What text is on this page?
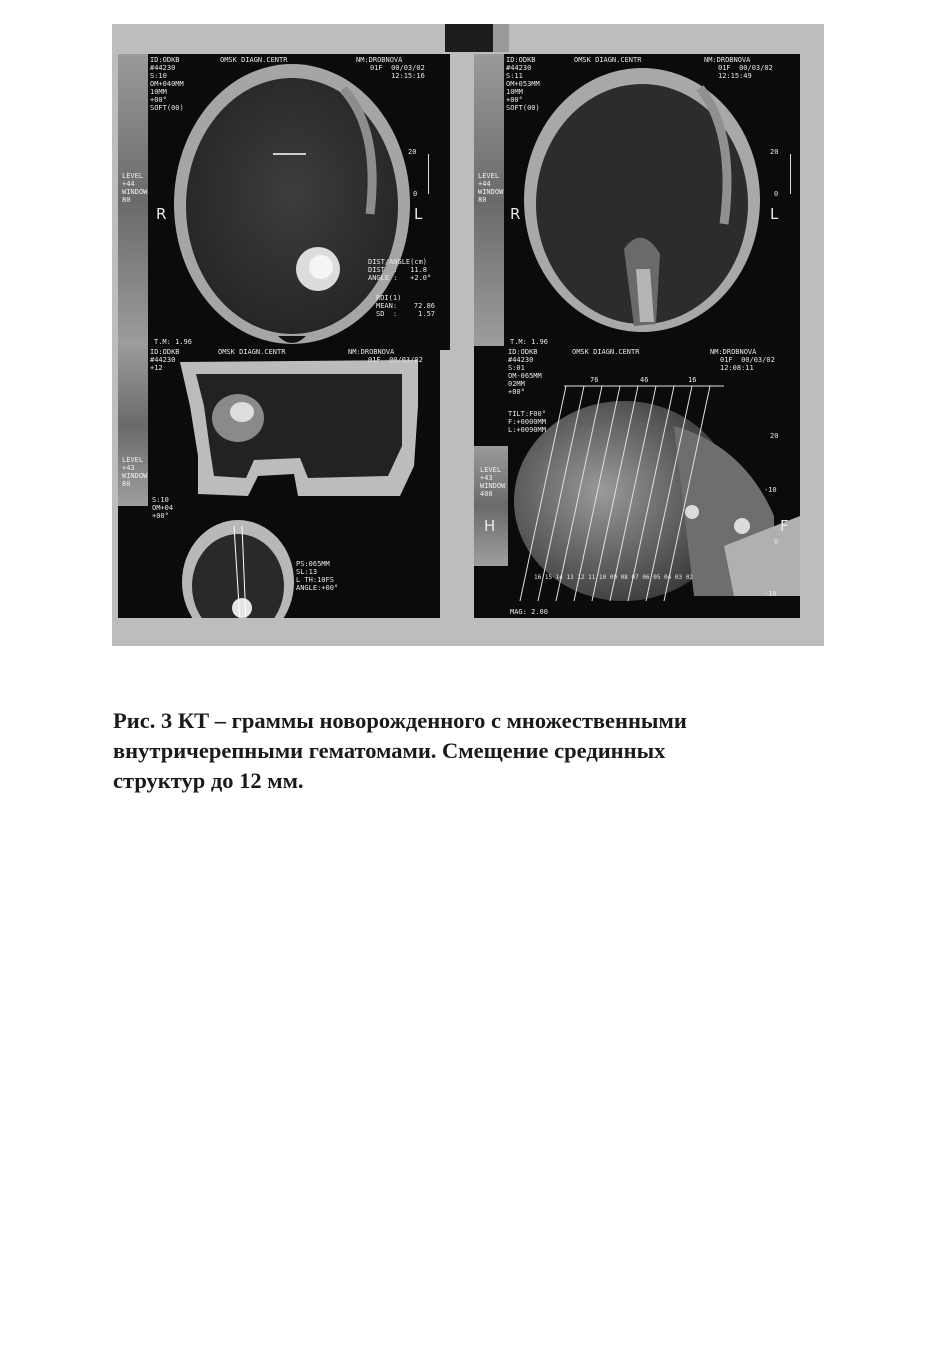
ID:ODKB
#44230
S:10
OM+040MM
10MM
+00°
SOFT(00)
OMSK DIAGN.CENTR	NM:DROBNOVA
01F  00/03/02
12:15:16
LEVEL
+44
WINDOW
80
20
0
R	L
DIST/ANGLE(cm)
DIST  :   11.8
ANGLE :   +2.0°
ROI(1)
MEAN:    72.86
SD  :     1.57
T.M: 1.96
ID:ODKB
#44230
S:11
OM+053MM
10MM
+00°
SOFT(00)
OMSK DIAGN.CENTR	NM:DROBNOVA
01F  00/03/02
12:15:49
LEVEL
+44
WINDOW
80
20
0
R	L
T.M: 1.96
ID:ODKB
#44230
+12
OMSK DIAGN.CENTR	NM:DROBNOVA
01F  00/03/02
LEVEL
+43
WINDOW
80
S:10
OM+04
+00°
PS:065MM
SL:13
L TH:10FS
ANGLE:+00°
ID:ODKB
#44230
S:01
OM-065MM
02MM
+00°
OMSK DIAGN.CENTR	NM:DROBNOVA
01F  00/03/02
12:08:11
76	46	16
TILT:F00°
F:+0000MM
L:+0090MM
LEVEL
+43
WINDOW
400
H	F
20
-10
0
-10
16 15 14 13 12 11 10 09 08 07 06 05 04 03 02
MAG: 2.00
Рис. 3 КТ – граммы новорожденного с множественными
внутричерепными гематомами. Смещение срединных
структур до 12 мм.
